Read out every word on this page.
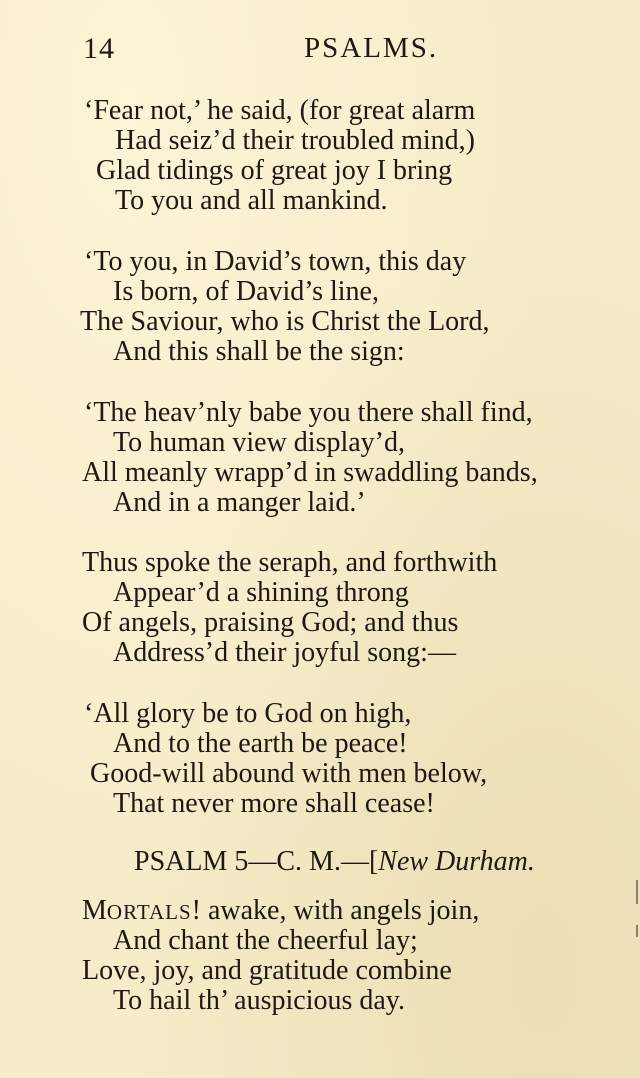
14	PSALMS.
‘Fear not,’ he said, (for great alarm
Had seiz’d their troubled mind,)
Glad tidings of great joy I bring
To you and all mankind.
‘To you, in David’s town, this day
Is born, of David’s line,
The Saviour, who is Christ the Lord,
And this shall be the sign:
‘The heav’nly babe you there shall find,
To human view display’d,
All meanly wrapp’d in swaddling bands,
And in a manger laid.’
Thus spoke the seraph, and forthwith
Appear’d a shining throng
Of angels, praising God; and thus
Address’d their joyful song:—
‘All glory be to God on high,
And to the earth be peace!
Good-will abound with men below,
That never more shall cease!
PSALM 5—C. M.—[New Durham.
MORTALS! awake, with angels join,
And chant the cheerful lay;
Love, joy, and gratitude combine
To hail th’ auspicious day.
